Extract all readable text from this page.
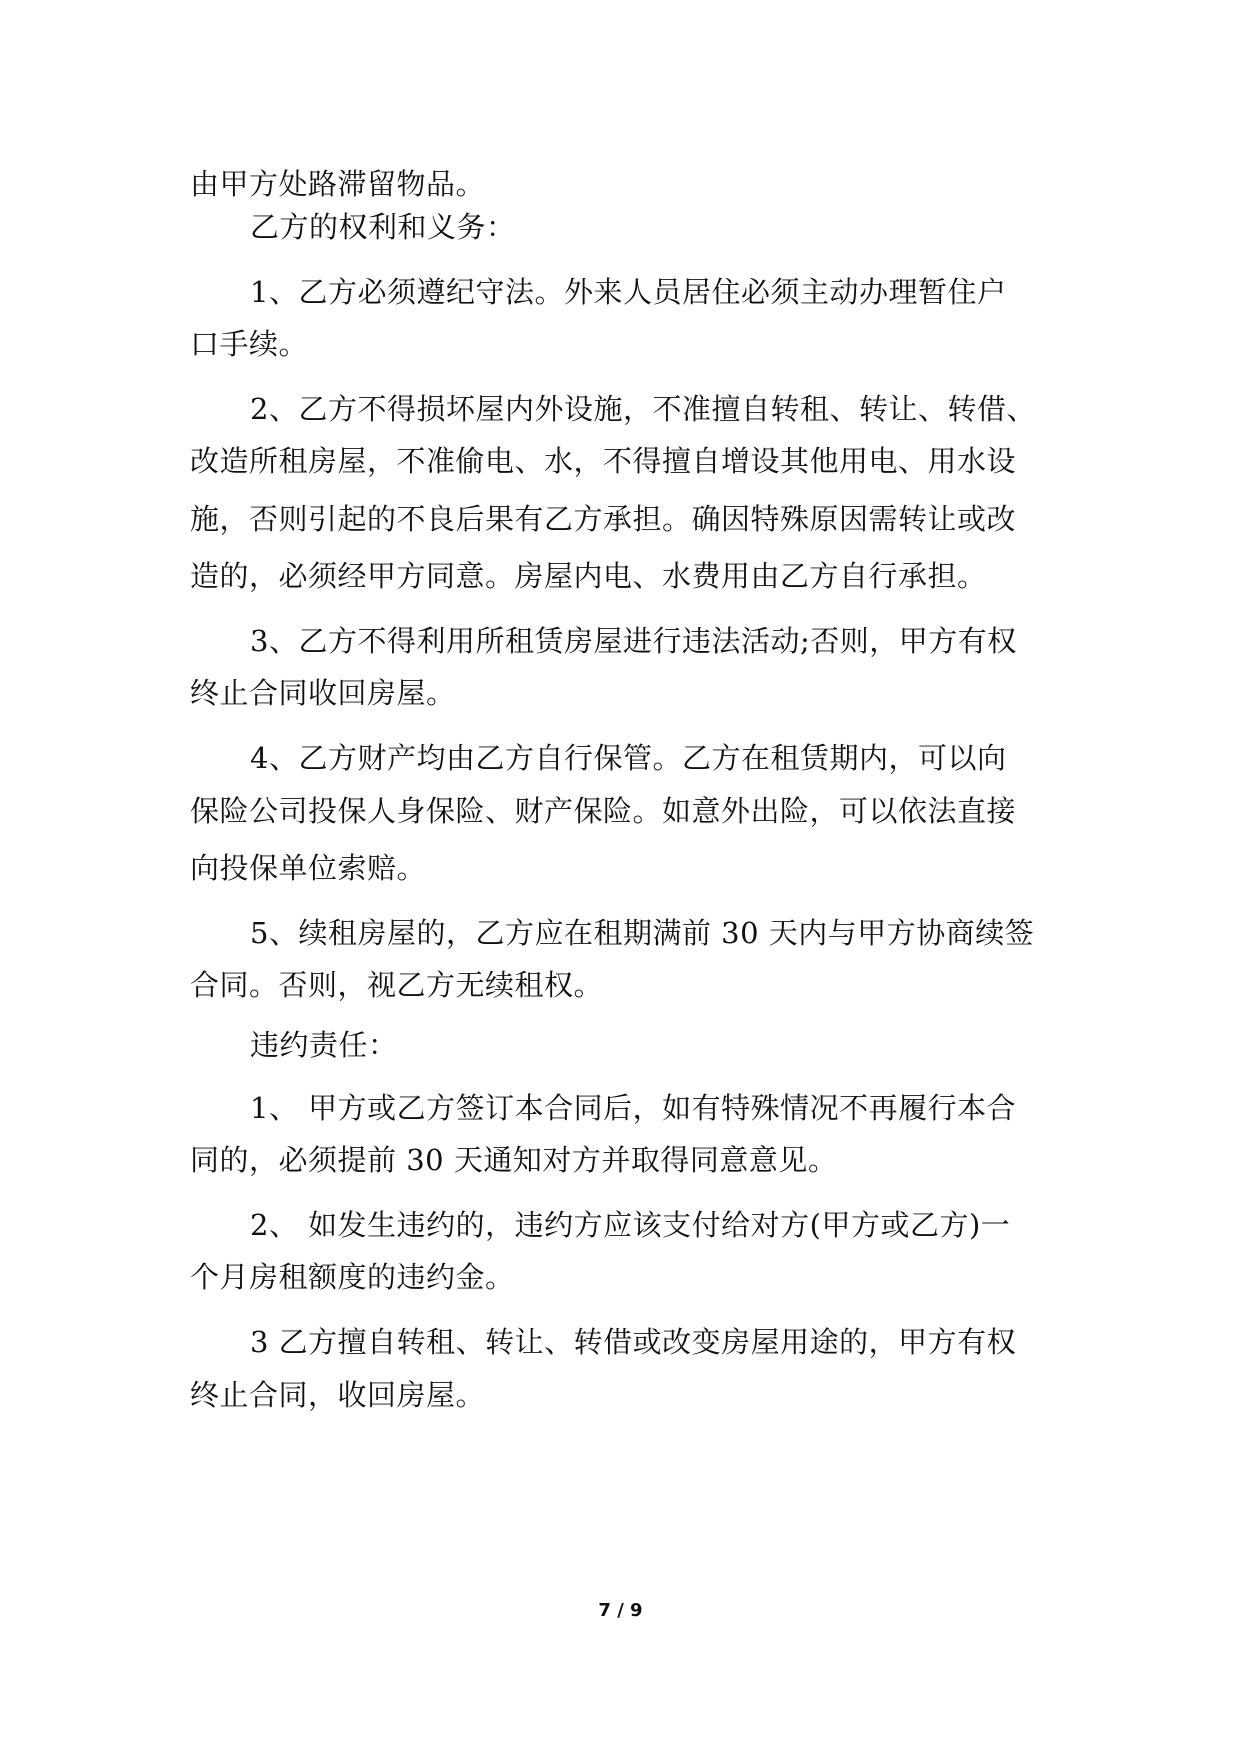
由甲方处路滞留物品。

乙方的权利和义务：

1、乙方必须遵纪守法。外来人员居住必须主动办理暂住户

口手续。

2、乙方不得损坏屋内外设施，不准擅自转租、转让、转借、

改造所租房屋，不准偷电、水，不得擅自增设其他用电、用水设

施，否则引起的不良后果有乙方承担。确因特殊原因需转让或改

造的，必须经甲方同意。房屋内电、水费用由乙方自行承担。

3、乙方不得利用所租赁房屋进行违法活动;否则，甲方有权

终止合同收回房屋。

4、乙方财产均由乙方自行保管。乙方在租赁期内，可以向

保险公司投保人身保险、财产保险。如意外出险，可以依法直接

向投保单位索赔。

5、续租房屋的，乙方应在租期满前 30 天内与甲方协商续签

合同。否则，视乙方无续租权。

违约责任：

1、 甲方或乙方签订本合同后，如有特殊情况不再履行本合

同的，必须提前 30 天通知对方并取得同意意见。

2、 如发生违约的，违约方应该支付给对方(甲方或乙方)一

个月房租额度的违约金。

3 乙方擅自转租、转让、转借或改变房屋用途的，甲方有权

终止合同，收回房屋。

7 / 9
